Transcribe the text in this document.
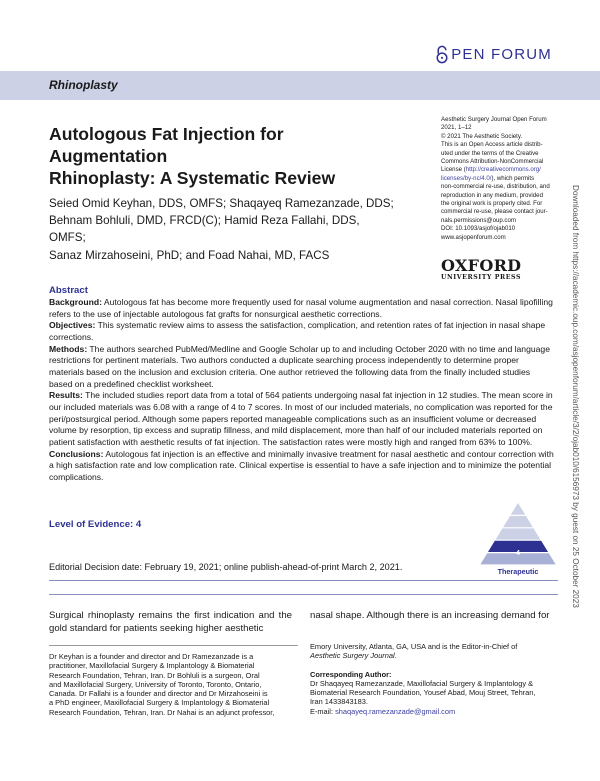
PEN FORUM
Rhinoplasty
Autologous Fat Injection for Augmentation
Rhinoplasty: A Systematic Review
Seied Omid Keyhan, DDS, OMFS; Shaqayeq Ramezanzade, DDS;
Behnam Bohluli, DMD, FRCD(C); Hamid Reza Fallahi, DDS, OMFS;
Sanaz Mirzahoseini, PhD; and Foad Nahai, MD, FACS
Aesthetic Surgery Journal Open Forum
2021, 1–12
© 2021 The Aesthetic Society.
This is an Open Access article distrib-
uted under the terms of the Creative
Commons Attribution-NonCommercial
License (http://creativecommons.org/
licenses/by-nc/4.0/), which permits
non-commercial re-use, distribution, and
reproduction in any medium, provided
the original work is properly cited. For
commercial re-use, please contact jour-
nals.permissions@oup.com
DOI: 10.1093/asjof/ojab010
www.asjopenforum.com
OXFORD
UNIVERSITY PRESS
Abstract

Background: Autologous fat has become more frequently used for nasal volume augmentation and nasal correction. Nasal lipofilling refers to the use of injectable autologous fat grafts for nonsurgical aesthetic corrections.

Objectives: This systematic review aims to assess the satisfaction, complication, and retention rates of fat injection in nasal shape corrections.

Methods: The authors searched PubMed/Medline and Google Scholar up to and including October 2020 with no time and language restrictions for pertinent materials. Two authors conducted a duplicate searching process independently to determine proper materials based on the inclusion and exclusion criteria. One author retrieved the following data from the finally included studies based on a predefined checklist worksheet.

Results: The included studies report data from a total of 564 patients undergoing nasal fat injection in 12 studies. The mean score in our included materials was 6.08 with a range of 4 to 7 scores. In most of our included materials, no complication was reported for the peri/postsurgical period. Although some papers reported manageable complications such as an insufficient volume or decreased volume by resorption, tip excess and supratip fillness, and mild displacement, more than half of our included materials reported on patient satisfaction with aesthetic results of fat injection. The satisfaction rates were mostly high and ranged from 63% to 100%.

Conclusions: Autologous fat injection is an effective and minimally invasive treatment for nasal aesthetic and contour correction with a high satisfaction rate and low complication rate. Clinical expertise is essential to have a safe injection and to minimize the potential complications.

Level of Evidence: 4
4
Therapeutic
Editorial Decision date: February 19, 2021; online publish-ahead-of-print March 2, 2021.
Surgical rhinoplasty remains the first indication and the gold standard for patients seeking higher aesthetic
nasal shape. Although there is an increasing demand for
Dr Keyhan is a founder and director and Dr Ramezanzade is a
practitioner, Maxillofacial Surgery & Implantology & Biomaterial
Research Foundation, Tehran, Iran. Dr Bohluli is a surgeon, Oral
and Maxillofacial Surgery, University of Toronto, Toronto, Ontario,
Canada. Dr Fallahi is a founder and director and Dr Mirzahoseini is
a PhD engineer, Maxillofacial Surgery & Implantology & Biomaterial
Research Foundation, Tehran, Iran. Dr Nahai is an adjunct professor,
Emory University, Atlanta, GA, USA and is the Editor-in-Chief of
Aesthetic Surgery Journal.
Corresponding Author:
Dr Shaqayeq Ramezanzade, Maxillofacial Surgery & Implantology &
Biomaterial Research Foundation, Yousef Abad, Mouj Street, Tehran,
Iran 1433843183.
E-mail: shaqayeq.ramezanzade@gmail.com
Downloaded from https://academic.oup.com/asjopenforum/article/3/2/ojab010/6156973 by guest on 25 October 2023
